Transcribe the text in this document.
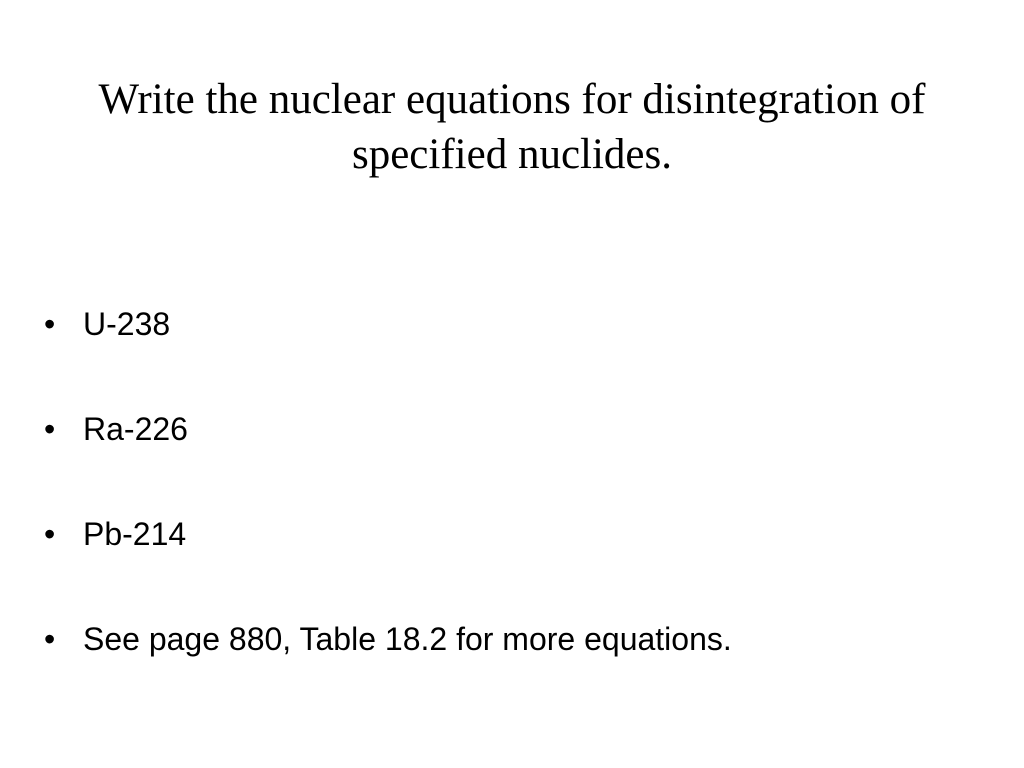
Write the nuclear equations for disintegration of specified nuclides.
• U-238
• Ra-226
• Pb-214
• See page 880, Table 18.2 for more equations.
